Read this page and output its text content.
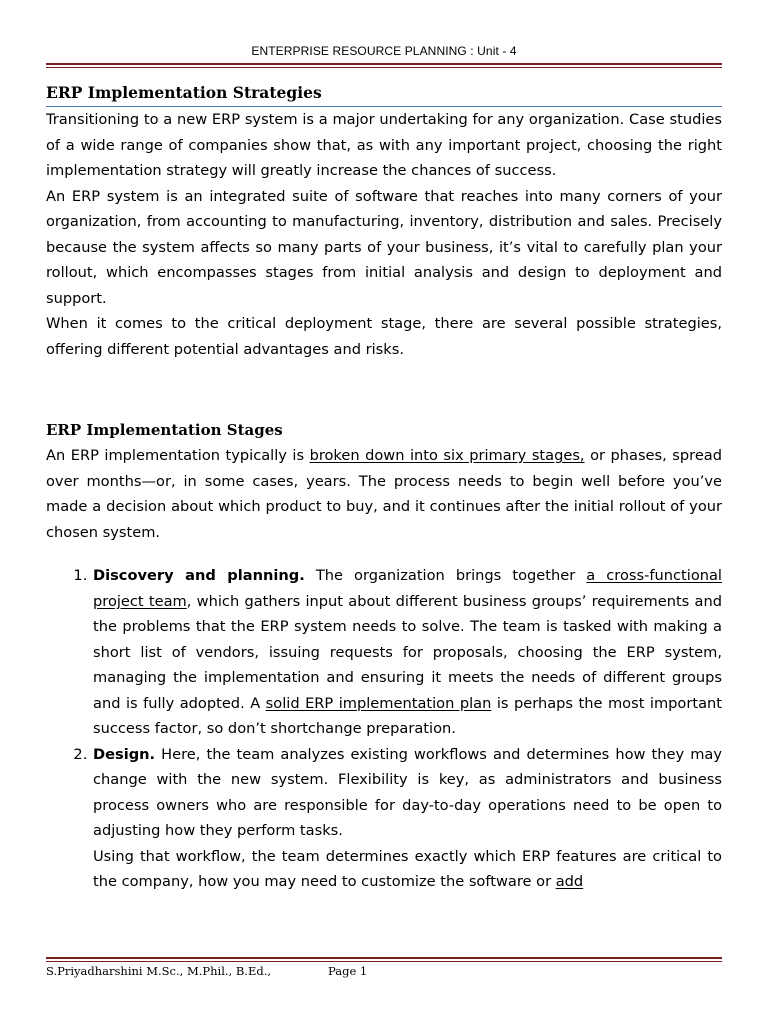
ENTERPRISE RESOURCE PLANNING : Unit - 4
ERP Implementation Strategies

Transitioning to a new ERP system is a major undertaking for any organization. Case studies of a wide range of companies show that, as with any important project, choosing the right implementation strategy will greatly increase the chances of success.

An ERP system is an integrated suite of software that reaches into many corners of your organization, from accounting to manufacturing, inventory, distribution and sales. Precisely because the system affects so many parts of your business, it’s vital to carefully plan your rollout, which encompasses stages from initial analysis and design to deployment and support.

When it comes to the critical deployment stage, there are several possible strategies, offering different potential advantages and risks.

ERP Implementation Stages

An ERP implementation typically is broken down into six primary stages, or phases, spread over months—or, in some cases, years. The process needs to begin well before you’ve made a decision about which product to buy, and it continues after the initial rollout of your chosen system.

1. Discovery and planning. The organization brings together a cross-functional project team, which gathers input about different business groups’ requirements and the problems that the ERP system needs to solve. The team is tasked with making a short list of vendors, issuing requests for proposals, choosing the ERP system, managing the implementation and ensuring it meets the needs of different groups and is fully adopted. A solid ERP implementation plan is perhaps the most important success factor, so don’t shortchange preparation.
2. Design. Here, the team analyzes existing workflows and determines how they may change with the new system. Flexibility is key, as administrators and business process owners who are responsible for day-to-day operations need to be open to adjusting how they perform tasks.
Using that workflow, the team determines exactly which ERP features are critical to the company, how you may need to customize the software or add
S.Priyadharshini M.Sc., M.Phil., B.Ed.,	Page 1
